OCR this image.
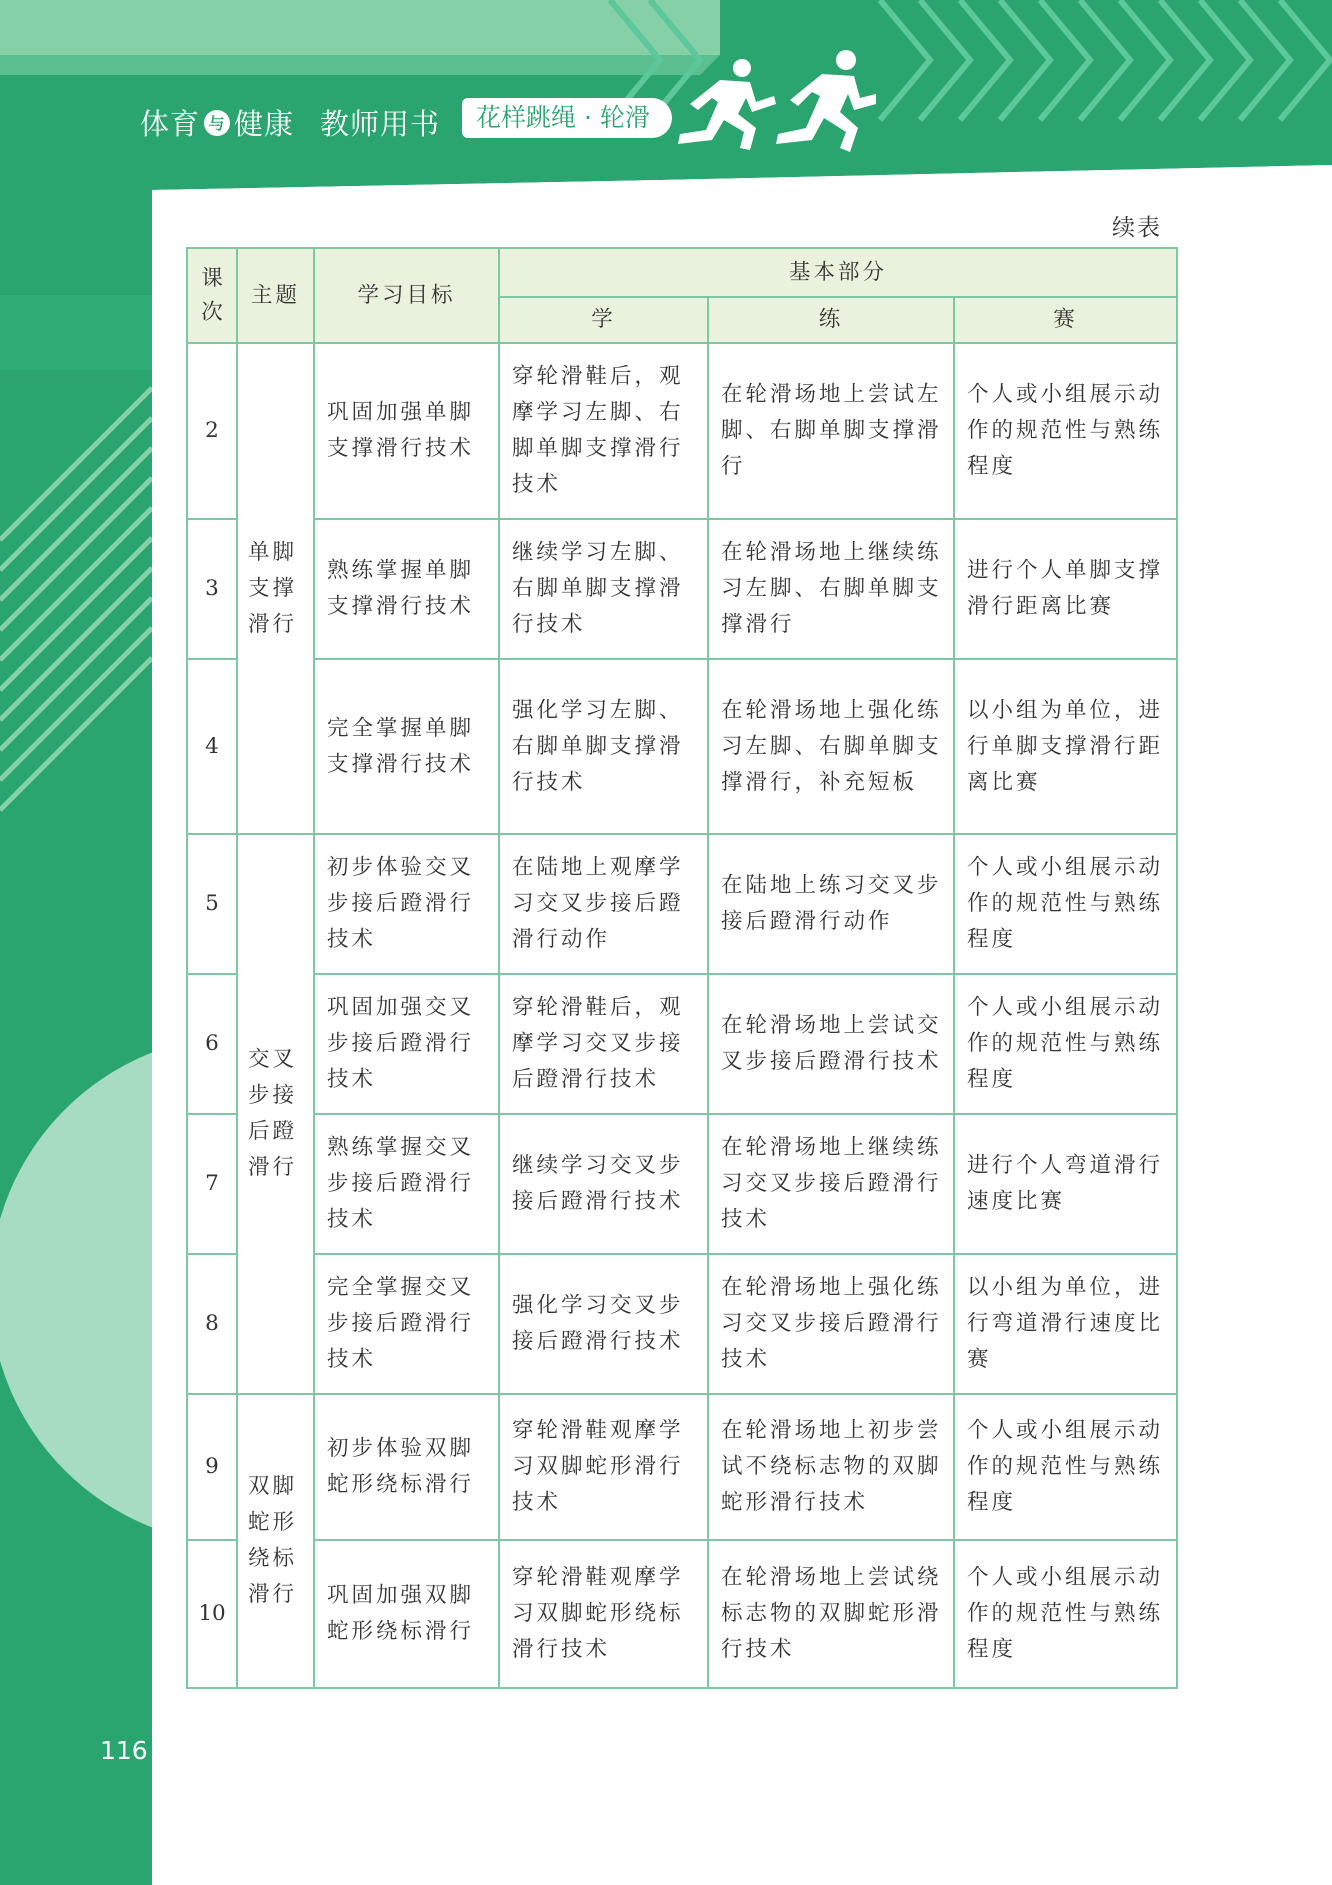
体育 与 健康 教师用书	花样跳绳 · 轮滑
续表
课次	主题	学习目标	基本部分		
			学	练	赛
2	单脚支撑滑行	巩固加强单脚支撑滑行技术	穿轮滑鞋后，观摩学习左脚、右脚单脚支撑滑行技术	在轮滑场地上尝试左脚、右脚单脚支撑滑行	个人或小组展示动作的规范性与熟练程度
3		熟练掌握单脚支撑滑行技术	继续学习左脚、右脚单脚支撑滑行技术	在轮滑场地上继续练习左脚、右脚单脚支撑滑行	进行个人单脚支撑滑行距离比赛
4		完全掌握单脚支撑滑行技术	强化学习左脚、右脚单脚支撑滑行技术	在轮滑场地上强化练习左脚、右脚单脚支撑滑行，补充短板	以小组为单位，进行单脚支撑滑行距离比赛
5	交叉步接后蹬滑行	初步体验交叉步接后蹬滑行技术	在陆地上观摩学习交叉步接后蹬滑行动作	在陆地上练习交叉步接后蹬滑行动作	个人或小组展示动作的规范性与熟练程度
6		巩固加强交叉步接后蹬滑行技术	穿轮滑鞋后，观摩学习交叉步接后蹬滑行技术	在轮滑场地上尝试交叉步接后蹬滑行技术	个人或小组展示动作的规范性与熟练程度
7		熟练掌握交叉步接后蹬滑行技术	继续学习交叉步接后蹬滑行技术	在轮滑场地上继续练习交叉步接后蹬滑行技术	进行个人弯道滑行速度比赛
8		完全掌握交叉步接后蹬滑行技术	强化学习交叉步接后蹬滑行技术	在轮滑场地上强化练习交叉步接后蹬滑行技术	以小组为单位，进行弯道滑行速度比赛
9	双脚蛇形绕标滑行	初步体验双脚蛇形绕标滑行	穿轮滑鞋观摩学习双脚蛇形滑行技术	在轮滑场地上初步尝试不绕标志物的双脚蛇形滑行技术	个人或小组展示动作的规范性与熟练程度
10		巩固加强双脚蛇形绕标滑行	穿轮滑鞋观摩学习双脚蛇形绕标滑行技术	在轮滑场地上尝试绕标志物的双脚蛇形滑行技术	个人或小组展示动作的规范性与熟练程度
116
